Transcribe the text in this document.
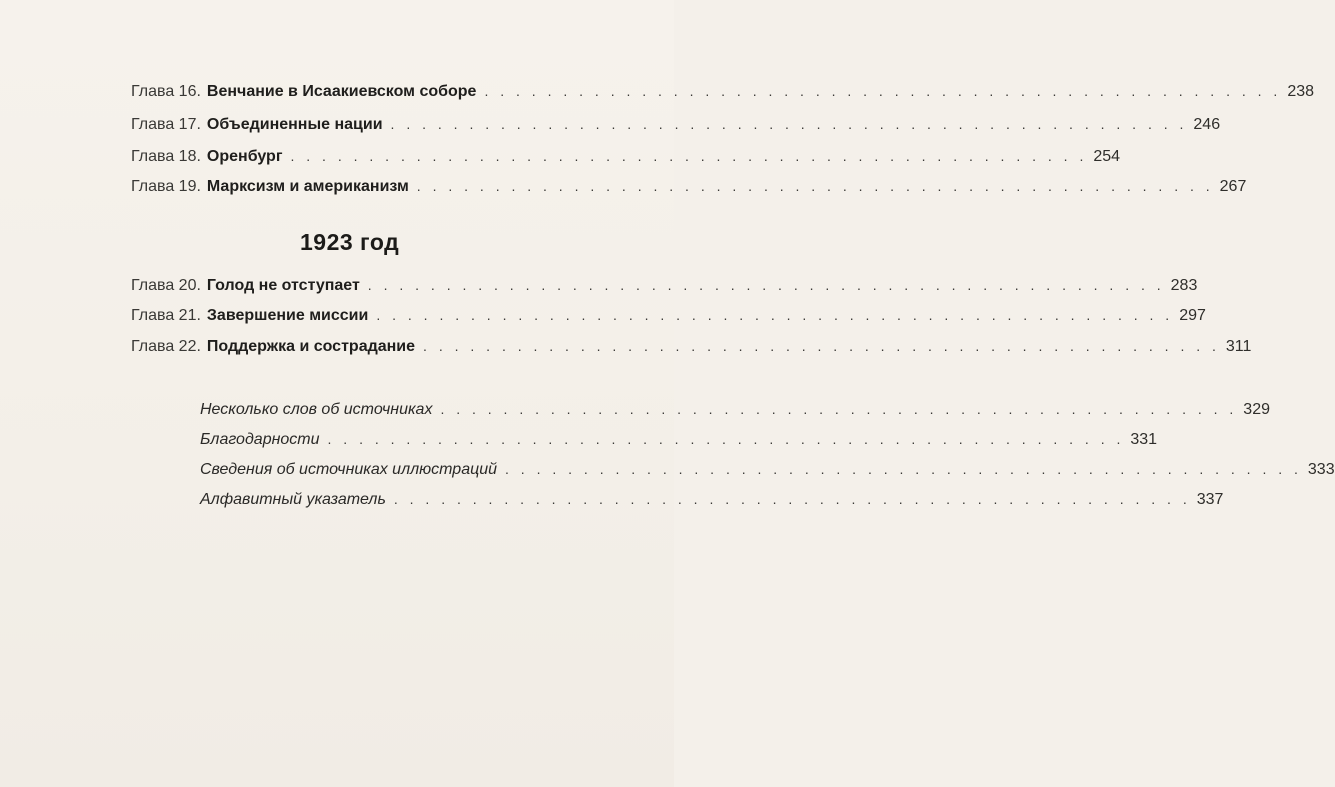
Глава 16. Венчание в Исаакиевском соборе . . . . . . . . . . . . . . . . . . . . . . . . . . . . . . . . . . . . . . . . . . . . . . . . . . . 238
Глава 17. Объединенные нации . . . . . . . . . . . . . . . . . . . . . . . . . . . . . . . . . . . . . . . . . . . . . . . . . . . 246
Глава 18. Оренбург . . . . . . . . . . . . . . . . . . . . . . . . . . . . . . . . . . . . . . . . . . . . . . . . . . . 254
Глава 19. Марксизм и американизм . . . . . . . . . . . . . . . . . . . . . . . . . . . . . . . . . . . . . . . . . . . . . . . . . . . 267
1923 год
Глава 20. Голод не отступает . . . . . . . . . . . . . . . . . . . . . . . . . . . . . . . . . . . . . . . . . . . . . . . . . . . 283
Глава 21. Завершение миссии . . . . . . . . . . . . . . . . . . . . . . . . . . . . . . . . . . . . . . . . . . . . . . . . . . . 297
Глава 22. Поддержка и сострадание . . . . . . . . . . . . . . . . . . . . . . . . . . . . . . . . . . . . . . . . . . . . . . . . . . . 311
Несколько слов об источниках . . . . . . . . . . . . . . . . . . . . . . . . . . . . . . . . . . . . . . . . . . . . . . . . . . . 329
Благодарности . . . . . . . . . . . . . . . . . . . . . . . . . . . . . . . . . . . . . . . . . . . . . . . . . . . 331
Сведения об источниках иллюстраций . . . . . . . . . . . . . . . . . . . . . . . . . . . . . . . . . . . . . . . . . . . . . . . . . . . 333
Алфавитный указатель . . . . . . . . . . . . . . . . . . . . . . . . . . . . . . . . . . . . . . . . . . . . . . . . . . . 337
